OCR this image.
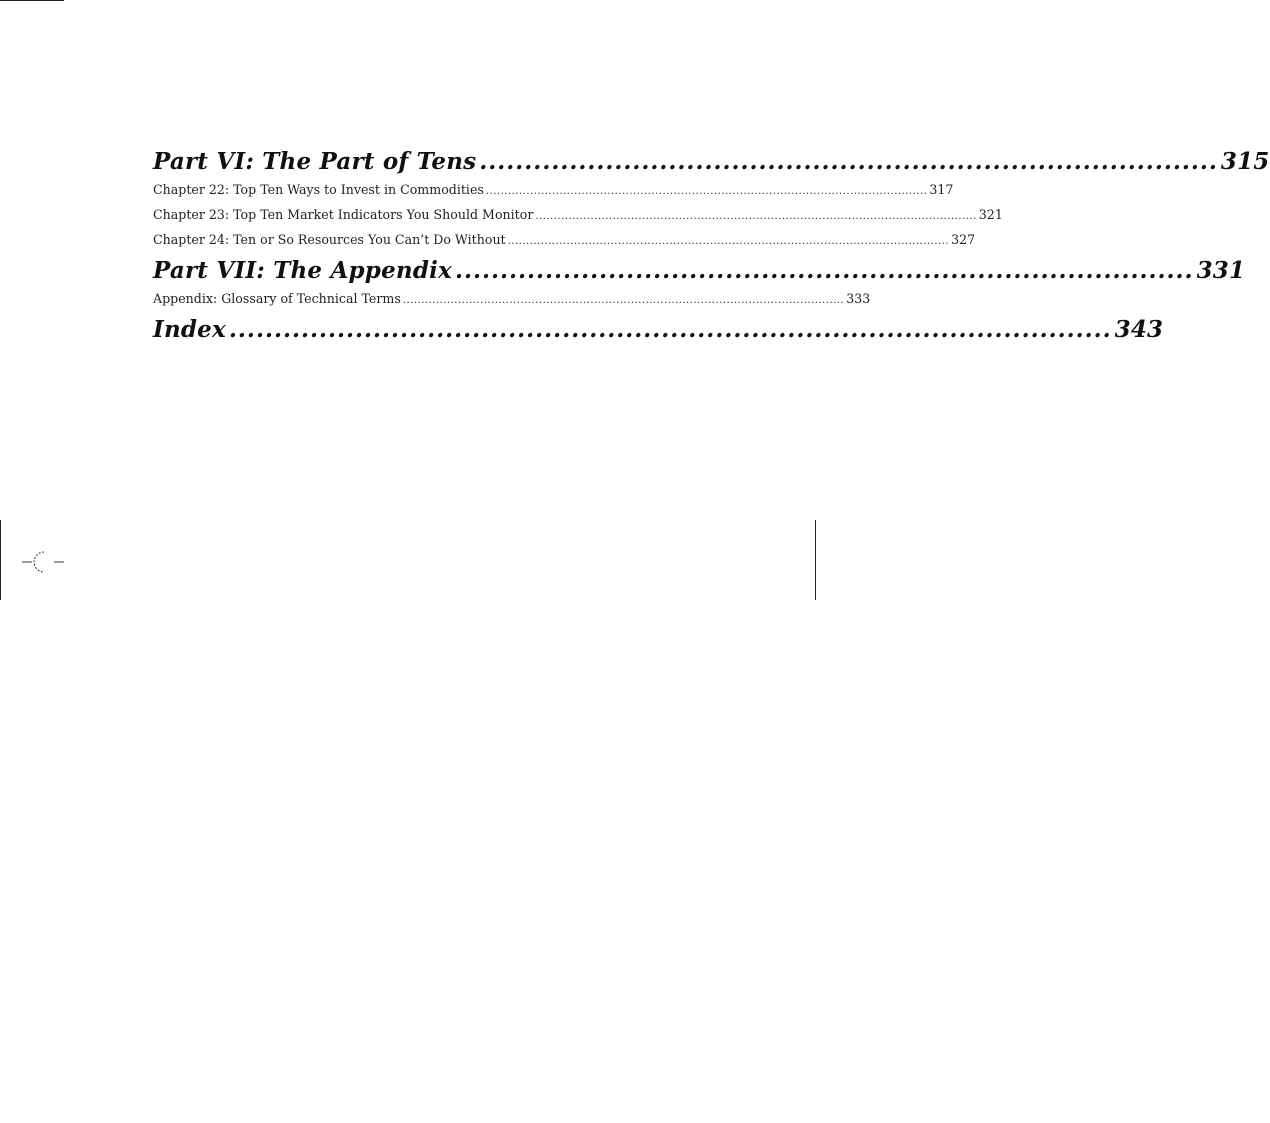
Part VI: The Part of Tens .................................................................................. 315
Chapter 22: Top Ten Ways to Invest in Commodities ........................................................................................................................ 317
Chapter 23: Top Ten Market Indicators You Should Monitor ........................................................................................................................ 321
Chapter 24: Ten or So Resources You Can’t Do Without ........................................................................................................................ 327
Part VII: The Appendix .................................................................................. 331
Appendix: Glossary of Technical Terms ........................................................................................................................ 333
Index .................................................................................................. 343
